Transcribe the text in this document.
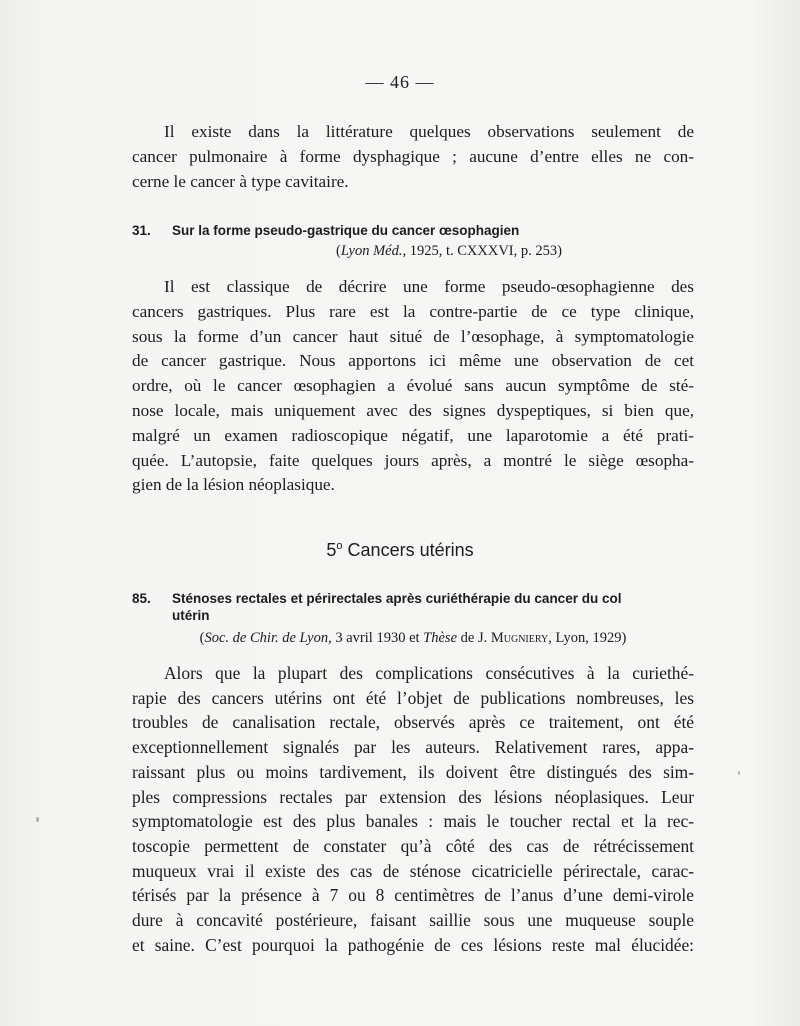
— 46 —
Il existe dans la littérature quelques observations seulement de
cancer pulmonaire à forme dysphagique ; aucune d’entre elles ne con-
cerne le cancer à type cavitaire.
31. Sur la forme pseudo-gastrique du cancer œsophagien
(Lyon Méd., 1925, t. CXXXVI, p. 253)
Il est classique de décrire une forme pseudo-œsophagienne des
cancers gastriques. Plus rare est la contre-partie de ce type clinique,
sous la forme d’un cancer haut situé de l’œsophage, à symptomatologie
de cancer gastrique. Nous apportons ici même une observation de cet
ordre, où le cancer œsophagien a évolué sans aucun symptôme de sté-
nose locale, mais uniquement avec des signes dyspeptiques, si bien que,
malgré un examen radioscopique négatif, une laparotomie a été prati-
quée. L’autopsie, faite quelques jours après, a montré le siège œsopha-
gien de la lésion néoplasique.
5$^o$ Cancers utérins
85. Sténoses rectales et périrectales après curiéthérapie du cancer du col
utérin
(Soc. de Chir. de Lyon, 3 avril 1930 et Thèse de J. Mugniery, Lyon, 1929)
Alors que la plupart des complications consécutives à la curiethé-
rapie des cancers utérins ont été l’objet de publications nombreuses, les
troubles de canalisation rectale, observés après ce traitement, ont été
exceptionnellement signalés par les auteurs. Relativement rares, appa-
raissant plus ou moins tardivement, ils doivent être distingués des sim-
ples compressions rectales par extension des lésions néoplasiques. Leur
symptomatologie est des plus banales : mais le toucher rectal et la rec-
toscopie permettent de constater qu’à côté des cas de rétrécissement
muqueux vrai il existe des cas de sténose cicatricielle périrectale, carac-
térisés par la présence à 7 ou 8 centimètres de l’anus d’une demi-virole
dure à concavité postérieure, faisant saillie sous une muqueuse souple
et saine. C’est pourquoi la pathogénie de ces lésions reste mal élucidée:
